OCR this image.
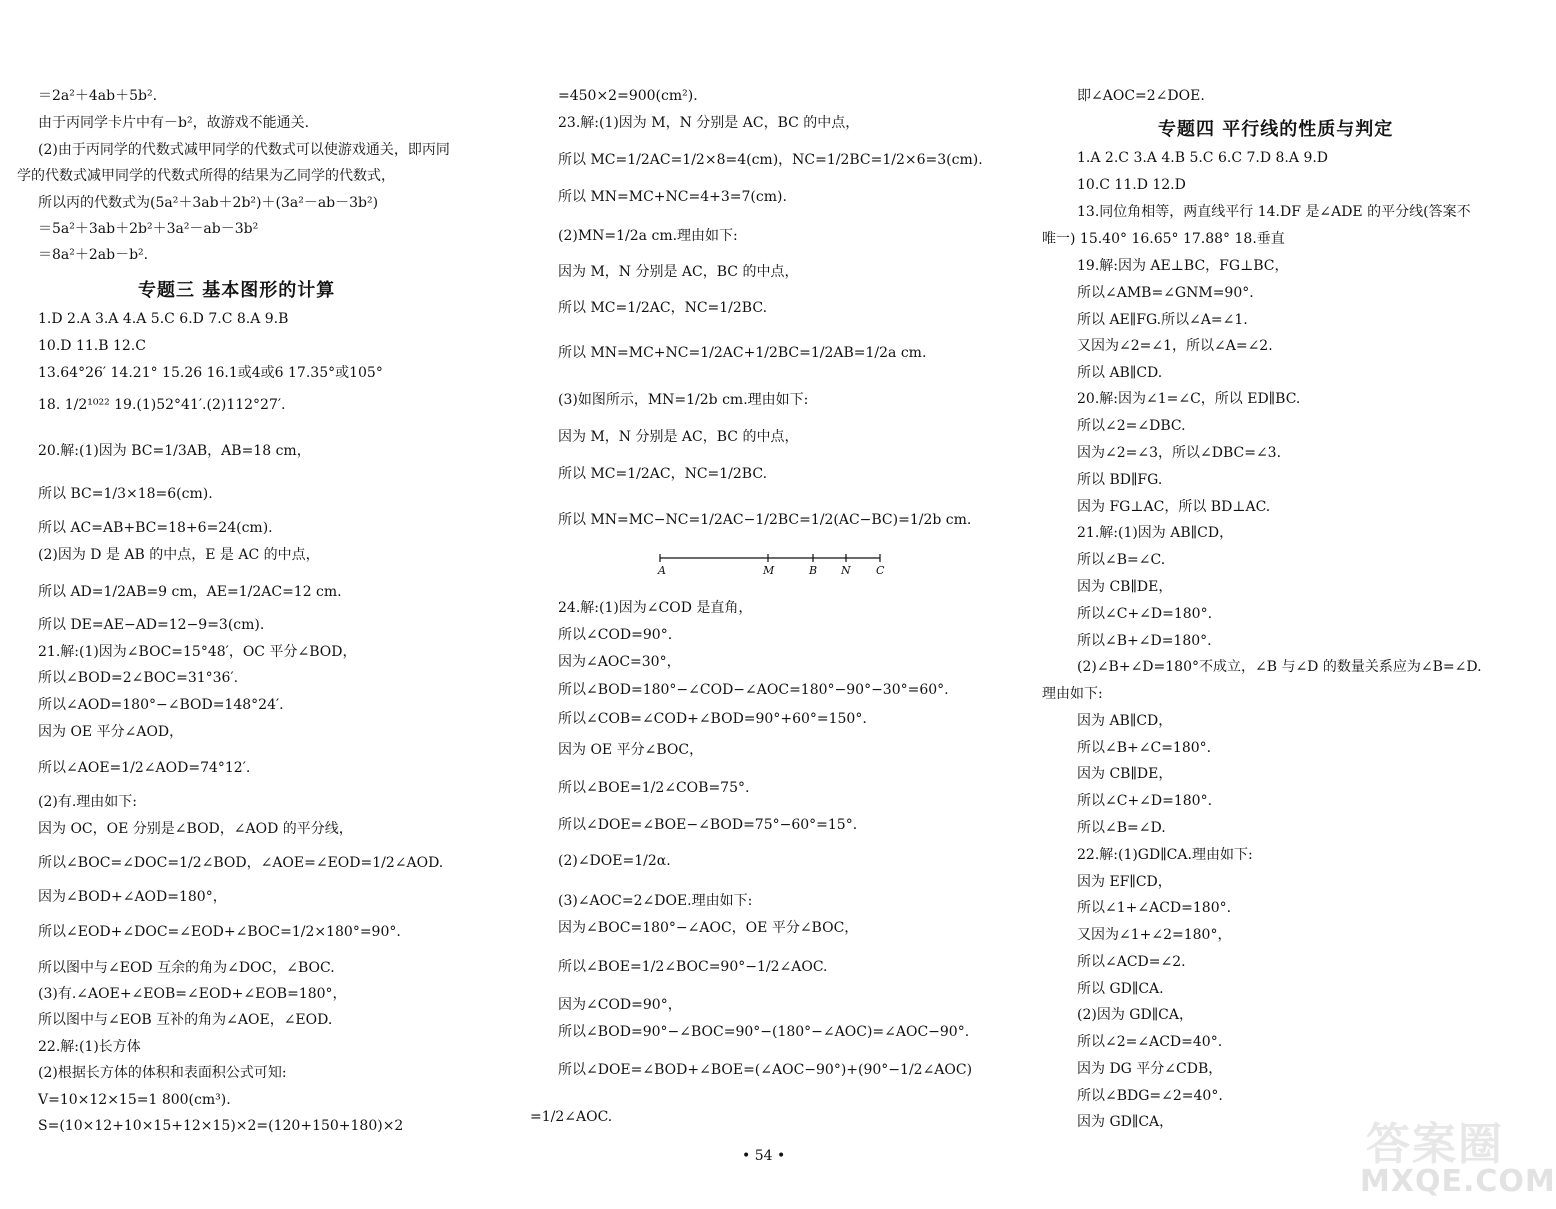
＝2a²＋4ab＋5b².
由于丙同学卡片中有－b²，故游戏不能通关.
(2)由于丙同学的代数式减甲同学的代数式可以使游戏通关，即丙同
学的代数式减甲同学的代数式所得的结果为乙同学的代数式，
所以丙的代数式为(5a²＋3ab＋2b²)＋(3a²－ab－3b²)
＝5a²＋3ab＋2b²＋3a²－ab－3b²
＝8a²＋2ab－b².
专题三 基本图形的计算
1.D 2.A 3.A 4.A 5.C 6.D 7.C 8.A 9.B
10.D 11.B 12.C
13.64°26′ 14.21° 15.26 16.1或4或6 17.35°或105°
18. 1/2¹⁰²² 19.(1)52°41′.(2)112°27′.
20.解:(1)因为 BC=1/3AB，AB=18 cm，
所以 BC=1/3×18=6(cm).
所以 AC=AB+BC=18+6=24(cm).
(2)因为 D 是 AB 的中点，E 是 AC 的中点，
所以 AD=1/2AB=9 cm，AE=1/2AC=12 cm.
所以 DE=AE−AD=12−9=3(cm).
21.解:(1)因为∠BOC=15°48′，OC 平分∠BOD，
所以∠BOD=2∠BOC=31°36′.
所以∠AOD=180°−∠BOD=148°24′.
因为 OE 平分∠AOD，
所以∠AOE=1/2∠AOD=74°12′.
(2)有.理由如下:
因为 OC，OE 分别是∠BOD，∠AOD 的平分线，
所以∠BOC=∠DOC=1/2∠BOD，∠AOE=∠EOD=1/2∠AOD.
因为∠BOD+∠AOD=180°，
所以∠EOD+∠DOC=∠EOD+∠BOC=1/2×180°=90°.
所以图中与∠EOD 互余的角为∠DOC，∠BOC.
(3)有.∠AOE+∠EOB=∠EOD+∠EOB=180°，
所以图中与∠EOB 互补的角为∠AOE，∠EOD.
22.解:(1)长方体
(2)根据长方体的体积和表面积公式可知:
V=10×12×15=1 800(cm³).
S=(10×12+10×15+12×15)×2=(120+150+180)×2
=450×2=900(cm²).
23.解:(1)因为 M，N 分别是 AC，BC 的中点，
所以 MC=1/2AC=1/2×8=4(cm)，NC=1/2BC=1/2×6=3(cm).
所以 MN=MC+NC=4+3=7(cm).
(2)MN=1/2a cm.理由如下:
因为 M，N 分别是 AC，BC 的中点，
所以 MC=1/2AC，NC=1/2BC.
所以 MN=MC+NC=1/2AC+1/2BC=1/2AB=1/2a cm.
(3)如图所示，MN=1/2b cm.理由如下:
因为 M，N 分别是 AC，BC 的中点，
所以 MC=1/2AC，NC=1/2BC.
所以 MN=MC−NC=1/2AC−1/2BC=1/2(AC−BC)=1/2b cm.
A	M	B N C
24.解:(1)因为∠COD 是直角，
所以∠COD=90°.
因为∠AOC=30°，
所以∠BOD=180°−∠COD−∠AOC=180°−90°−30°=60°.
所以∠COB=∠COD+∠BOD=90°+60°=150°.
因为 OE 平分∠BOC，
所以∠BOE=1/2∠COB=75°.
所以∠DOE=∠BOE−∠BOD=75°−60°=15°.
(2)∠DOE=1/2α.
(3)∠AOC=2∠DOE.理由如下:
因为∠BOC=180°−∠AOC，OE 平分∠BOC，
所以∠BOE=1/2∠BOC=90°−1/2∠AOC.
因为∠COD=90°，
所以∠BOD=90°−∠BOC=90°−(180°−∠AOC)=∠AOC−90°.
所以∠DOE=∠BOD+∠BOE=(∠AOC−90°)+(90°−1/2∠AOC)
=1/2∠AOC.
即∠AOC=2∠DOE.
专题四 平行线的性质与判定
1.A 2.C 3.A 4.B 5.C 6.C 7.D 8.A 9.D
10.C 11.D 12.D
13.同位角相等，两直线平行 14.DF 是∠ADE 的平分线(答案不
唯一) 15.40° 16.65° 17.88° 18.垂直
19.解:因为 AE⊥BC，FG⊥BC，
所以∠AMB=∠GNM=90°.
所以 AE∥FG.所以∠A=∠1.
又因为∠2=∠1，所以∠A=∠2.
所以 AB∥CD.
20.解:因为∠1=∠C，所以 ED∥BC.
所以∠2=∠DBC.
因为∠2=∠3，所以∠DBC=∠3.
所以 BD∥FG.
因为 FG⊥AC，所以 BD⊥AC.
21.解:(1)因为 AB∥CD，
所以∠B=∠C.
因为 CB∥DE，
所以∠C+∠D=180°.
所以∠B+∠D=180°.
(2)∠B+∠D=180°不成立，∠B 与∠D 的数量关系应为∠B=∠D.
理由如下:
因为 AB∥CD，
所以∠B+∠C=180°.
因为 CB∥DE，
所以∠C+∠D=180°.
所以∠B=∠D.
22.解:(1)GD∥CA.理由如下:
因为 EF∥CD，
所以∠1+∠ACD=180°.
又因为∠1+∠2=180°，
所以∠ACD=∠2.
所以 GD∥CA.
(2)因为 GD∥CA，
所以∠2=∠ACD=40°.
因为 DG 平分∠CDB，
所以∠BDG=∠2=40°.
因为 GD∥CA，
• 54 •	答案圈
MXQE.COM
